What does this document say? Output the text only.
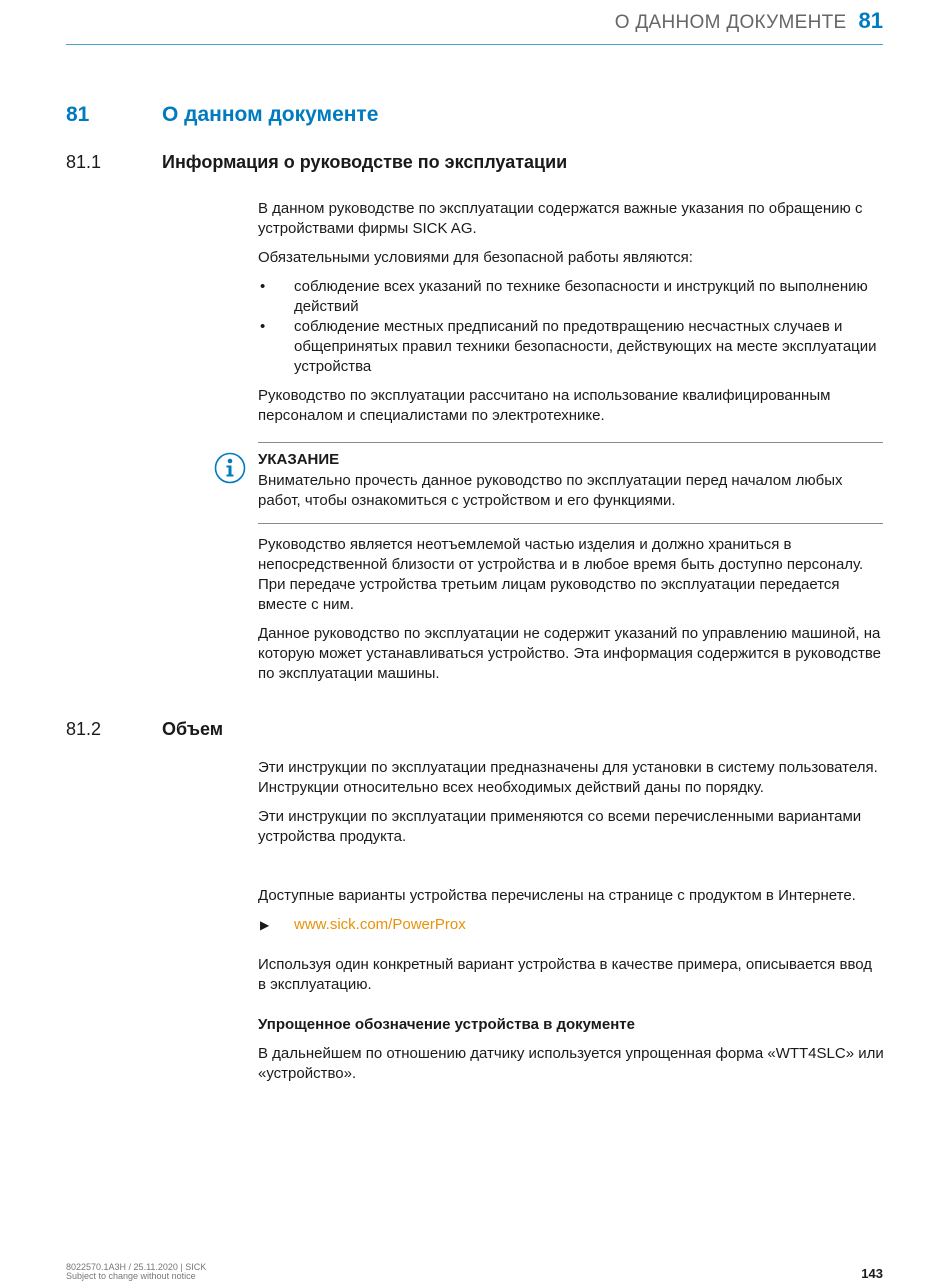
О ДАННОМ ДОКУМЕНТЕ 81
81	О данном документе
81.1	Информация о руководстве по эксплуатации

В данном руководстве по эксплуатации содержатся важные указания по обращению с устройствами фирмы SICK AG.

Обязательными условиями для безопасной работы являются:

• соблюдение всех указаний по технике безопасности и инструкций по выполнению действий
• соблюдение местных предписаний по предотвращению несчастных случаев и общепринятых правил техники безопасности, действующих на месте эксплуатации устройства

Руководство по эксплуатации рассчитано на использование квалифицированным персоналом и специалистами по электротехнике.

УКАЗАНИЕ
Внимательно прочесть данное руководство по эксплуатации перед началом любых работ, чтобы ознакомиться с устройством и его функциями.

Руководство является неотъемлемой частью изделия и должно храниться в непосредственной близости от устройства и в любое время быть доступно персоналу. При передаче устройства третьим лицам руководство по эксплуатации передается вместе с ним.

Данное руководство по эксплуатации не содержит указаний по управлению машиной, на которую может устанавливаться устройство. Эта информация содержится в руководстве по эксплуатации машины.

81.2	Объем

Эти инструкции по эксплуатации предназначены для установки в систему пользователя. Инструкции относительно всех необходимых действий даны по порядку.

Эти инструкции по эксплуатации применяются со всеми перечисленными вариантами устройства продукта.

Доступные варианты устройства перечислены на странице с продуктом в Интернете.

▶ www.sick.com/PowerProx

Используя один конкретный вариант устройства в качестве примера, описывается ввод в эксплуатацию.

Упрощенное обозначение устройства в документе

В дальнейшем по отношению датчику используется упрощенная форма «WTT4SLC» или «устройство».

8022570.1A3H / 25.11.2020 | SICK
Subject to change without notice	143
